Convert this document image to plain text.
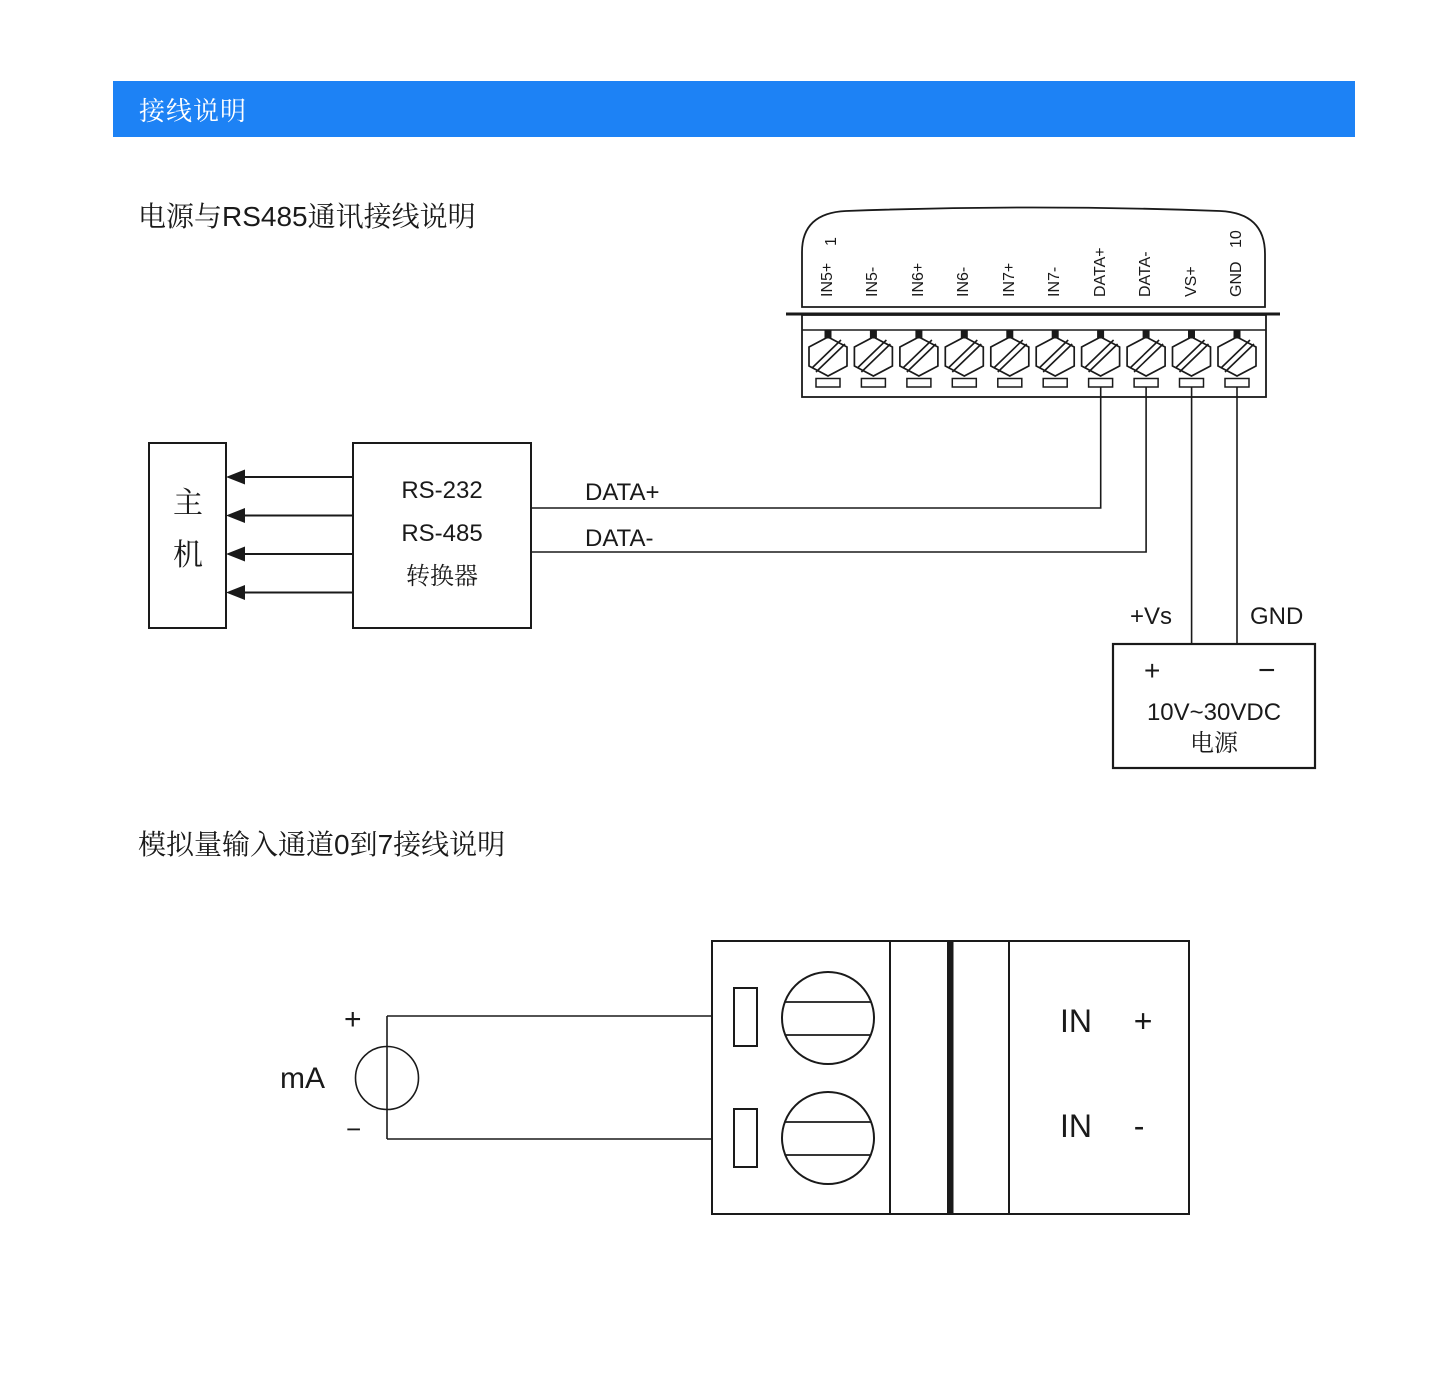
接线说明
电源与RS485通讯接线说明
模拟量输入通道0到7接线说明
1	10
IN5+ IN5- IN6+ IN6- IN7+ IN7- DATA+ DATA- VS+ GND
主机
RS-232
RS-485
转换器
DATA+
DATA-
+Vs	GND
+	−
10V~30VDC
电源
mA
+
−
IN  +
IN  -
